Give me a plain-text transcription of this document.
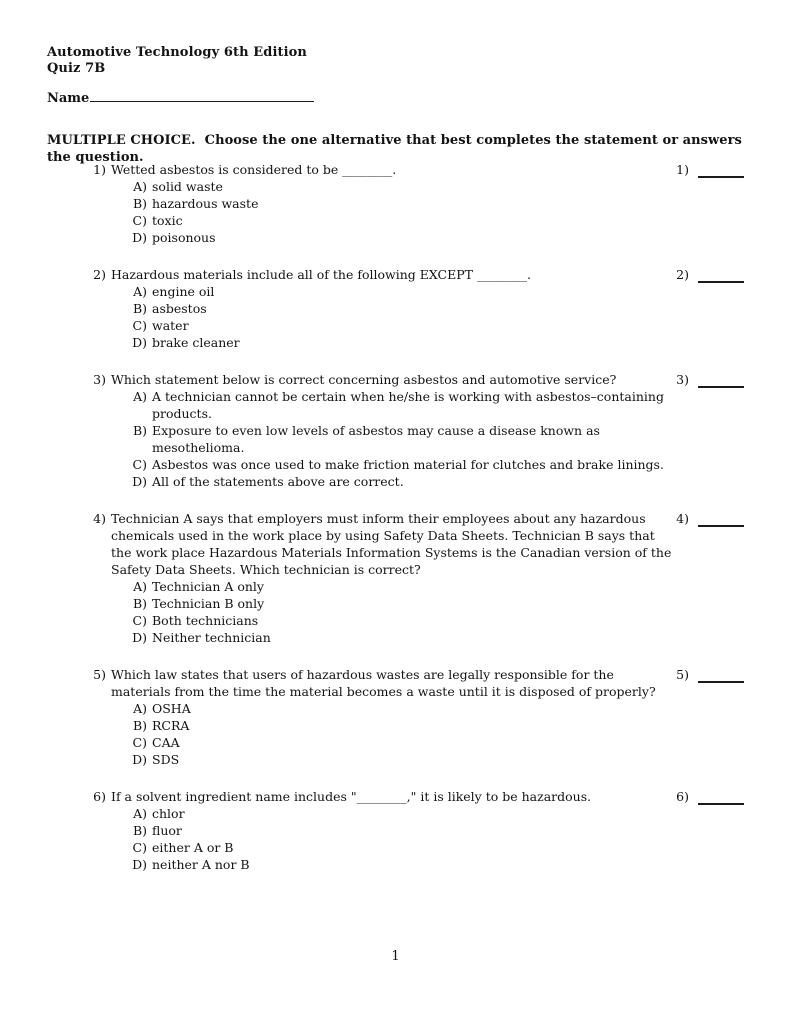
Automotive Technology 6th Edition
Quiz 7B
Name
MULTIPLE CHOICE.  Choose the one alternative that best completes the statement or answers the question.
1) Wetted asbestos is considered to be ________.
A) solid waste
B) hazardous waste
C) toxic
D) poisonous
1)
2) Hazardous materials include all of the following EXCEPT ________.
A) engine oil
B) asbestos
C) water
D) brake cleaner
2)
3) Which statement below is correct concerning asbestos and automotive service?
A) A technician cannot be certain when he/she is working with asbestos–containing products.
B) Exposure to even low levels of asbestos may cause a disease known as mesothelioma.
C) Asbestos was once used to make friction material for clutches and brake linings.
D) All of the statements above are correct.
3)
4) Technician A says that employers must inform their employees about any hazardous chemicals used in the work place by using Safety Data Sheets. Technician B says that the work place Hazardous Materials Information Systems is the Canadian version of the Safety Data Sheets. Which technician is correct?
A) Technician A only
B) Technician B only
C) Both technicians
D) Neither technician
4)
5) Which law states that users of hazardous wastes are legally responsible for the materials from the time the material becomes a waste until it is disposed of properly?
A) OSHA
B) RCRA
C) CAA
D) SDS
5)
6) If a solvent ingredient name includes "________," it is likely to be hazardous.
A) chlor
B) fluor
C) either A or B
D) neither A nor B
6)
1
